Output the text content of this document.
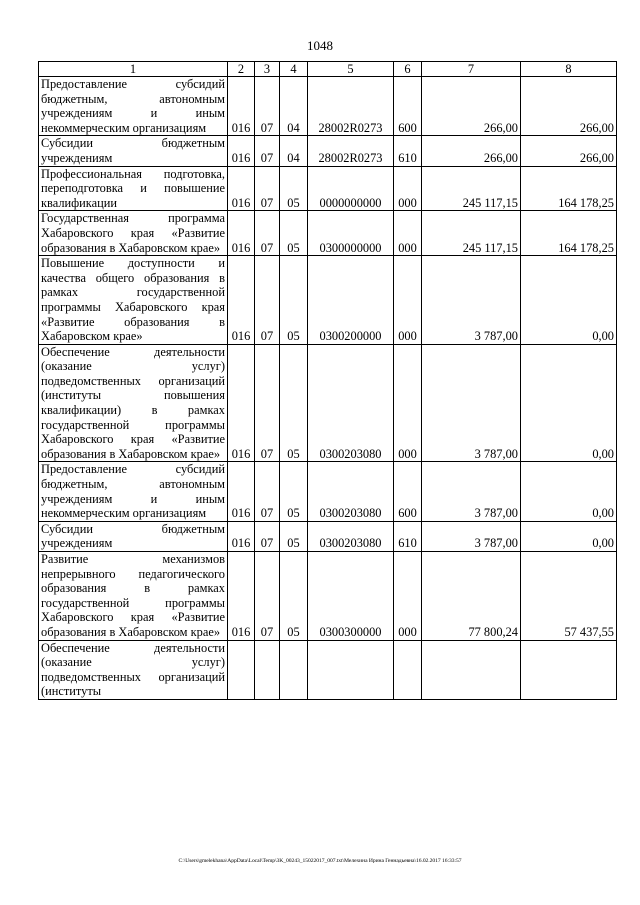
1048
1	2	3	4	5	6	7	8
Предоставление субсидий бюджетным, автономным учреждениям и иным некоммерческим организациям	016	07	04	28002R0273	600	266,00	266,00
Субсидии бюджетным учреждениям	016	07	04	28002R0273	610	266,00	266,00
Профессиональная подготовка, переподготовка и повышение квалификации	016	07	05	0000000000	000	245 117,15	164 178,25
Государственная программа Хабаровского края «Развитие образования в Хабаровском крае»	016	07	05	0300000000	000	245 117,15	164 178,25
Повышение доступности и качества общего образования в рамках государственной программы Хабаровского края «Развитие образования в Хабаровском крае»	016	07	05	0300200000	000	3 787,00	0,00
Обеспечение деятельности (оказание услуг) подведомственных организаций (институты повышения квалификации) в рамках государственной программы Хабаровского края «Развитие образования в Хабаровском крае»	016	07	05	0300203080	000	3 787,00	0,00
Предоставление субсидий бюджетным, автономным учреждениям и иным некоммерческим организациям	016	07	05	0300203080	600	3 787,00	0,00
Субсидии бюджетным учреждениям	016	07	05	0300203080	610	3 787,00	0,00
Развитие механизмов непрерывного педагогического образования в рамках государственной программы Хабаровского края «Развитие образования в Хабаровском крае»	016	07	05	0300300000	000	77 800,24	57 437,55
Обеспечение деятельности (оказание услуг) подведомственных организаций (институты							
C:\Users\gmelekhana\AppData\Local\Temp\3K_00243_15022017_007.txt\Мелехина Ирина Геннадьевна\16.02.2017 16:33:57
